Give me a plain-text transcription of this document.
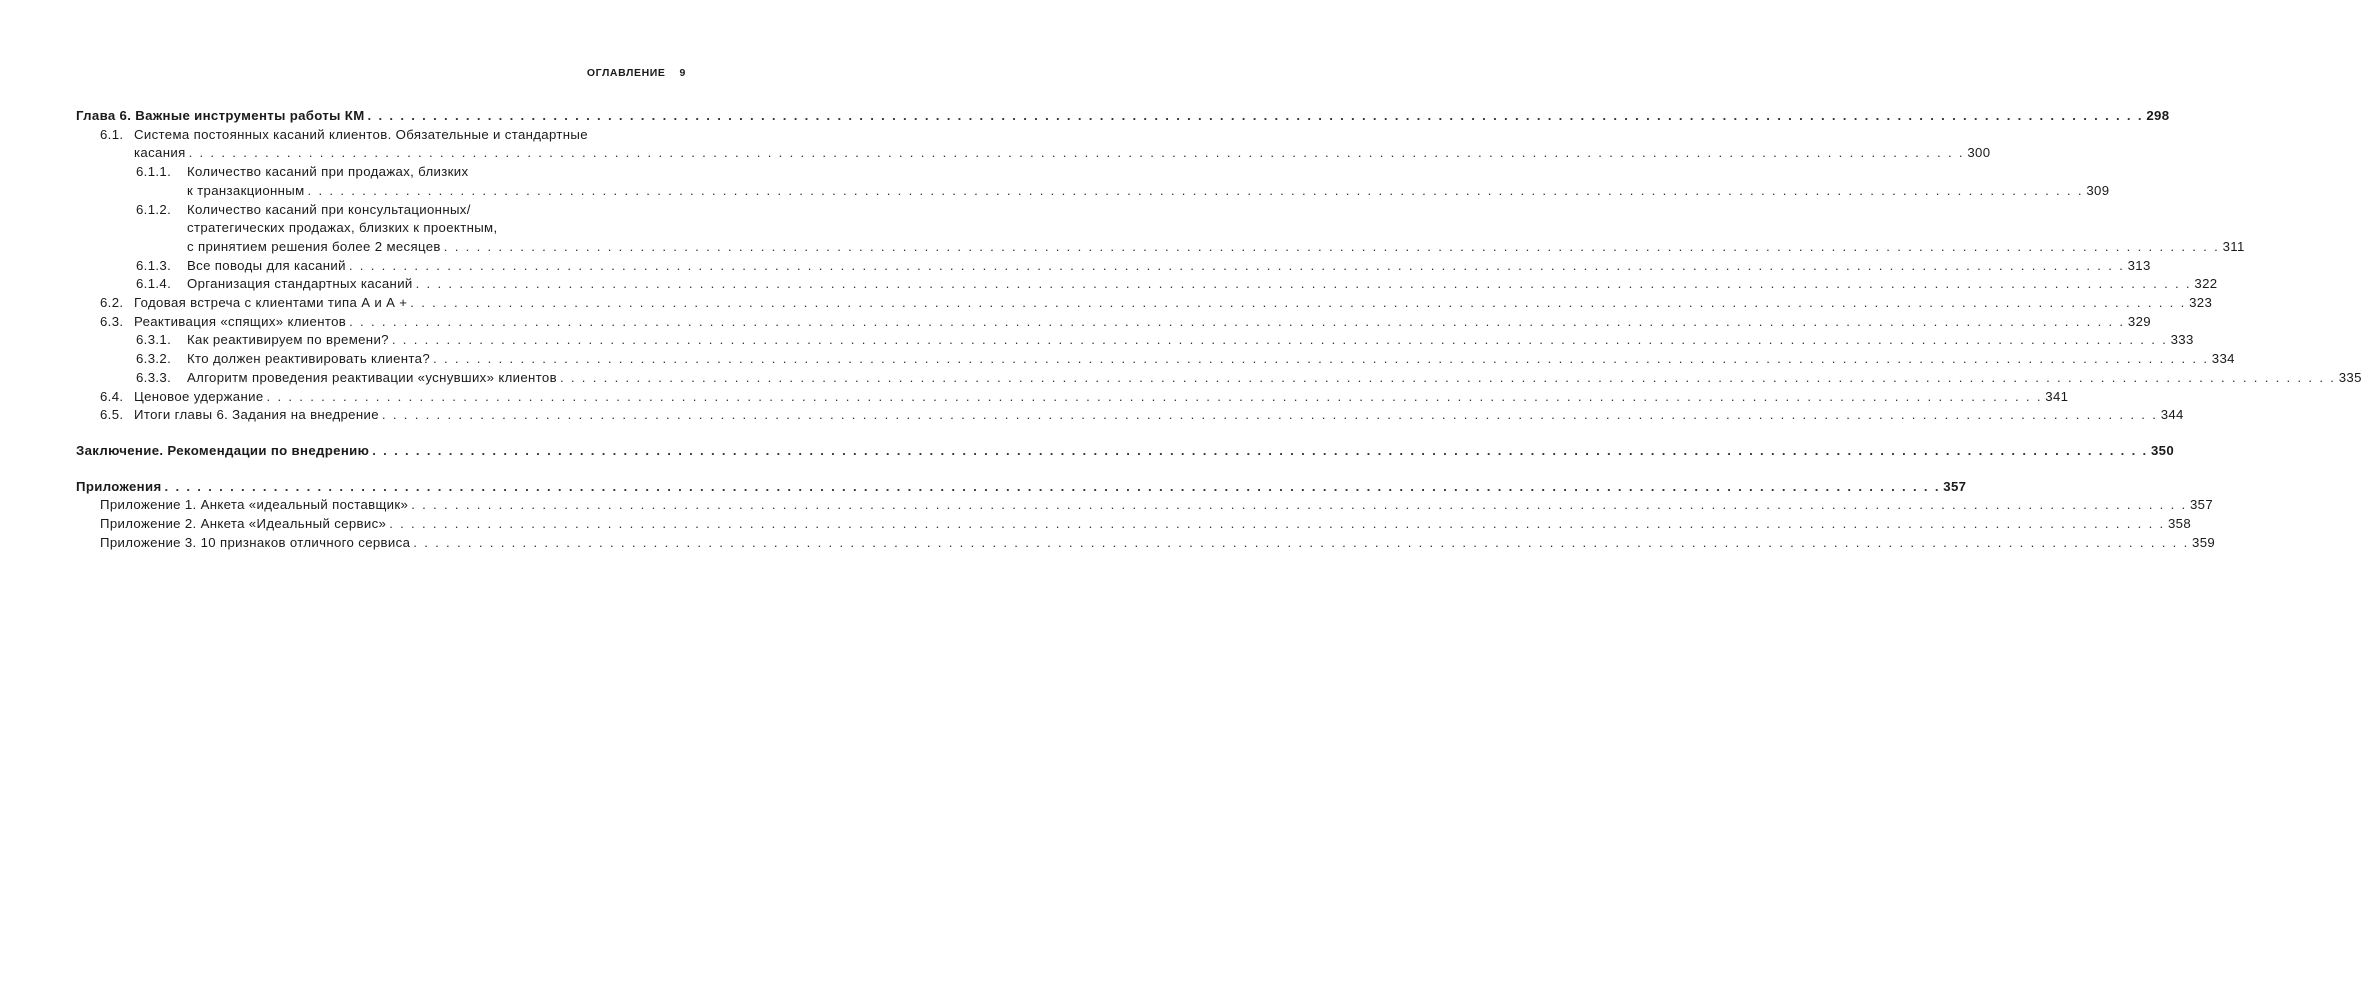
ОГЛАВЛЕНИЕ 9
Глава 6. Важные инструменты работы КМ . . .	298
6.1. Система постоянных касаний клиентов. Обязательные и стандартные
касания . . .	300
6.1.1.	Количество касаний при продажах, близких
к транзакционным . . .	309
6.1.2.	Количество касаний при консультационных/
стратегических продажах, близких к проектным,
с принятием решения более 2 месяцев . . .	311
6.1.3.	Все поводы для касаний . . .	313
6.1.4.	Организация стандартных касаний . . .	322
6.2. Годовая встреча с клиентами типа А и А + . . .	323
6.3. Реактивация «спящих» клиентов . . .	329
6.3.1.	Как реактивируем по времени? . . .	333
6.3.2.	Кто должен реактивировать клиента? . . .	334
6.3.3.	Алгоритм проведения реактивации «уснувших» клиентов . . .	335
6.4. Ценовое удержание . . .	341
6.5. Итоги главы 6. Задания на внедрение . . .	344
Заключение. Рекомендации по внедрению . . .	350
Приложения . . .	357
Приложение 1. Анкета «идеальный поставщик» . . .	357
Приложение 2. Анкета «Идеальный сервис» . . .	358
Приложение 3. 10 признаков отличного сервиса . . .	359
